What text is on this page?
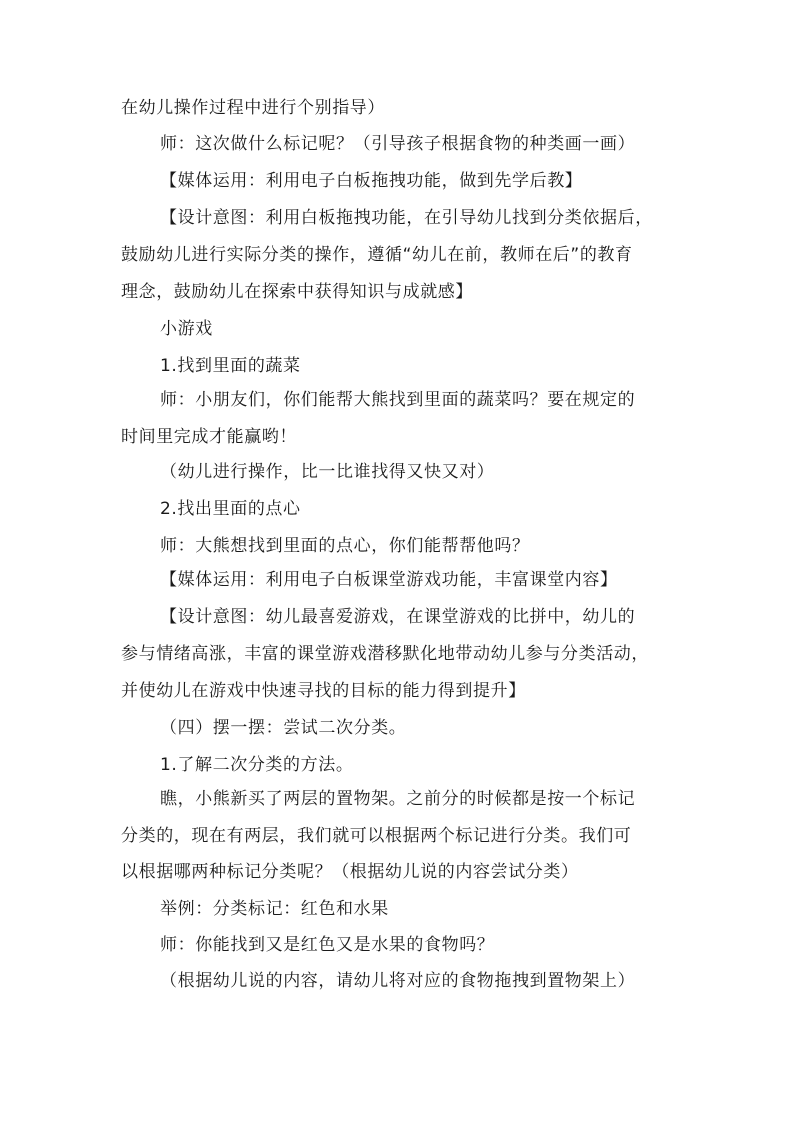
在幼儿操作过程中进行个别指导）
师：这次做什么标记呢？（引导孩子根据食物的种类画一画）
【媒体运用：利用电子白板拖拽功能，做到先学后教】
【设计意图：利用白板拖拽功能，在引导幼儿找到分类依据后，
鼓励幼儿进行实际分类的操作，遵循“幼儿在前，教师在后”的教育
理念，鼓励幼儿在探索中获得知识与成就感】
小游戏
1.找到里面的蔬菜
师：小朋友们，你们能帮大熊找到里面的蔬菜吗？要在规定的
时间里完成才能赢哟！
（幼儿进行操作，比一比谁找得又快又对）
2.找出里面的点心
师：大熊想找到里面的点心，你们能帮帮他吗？
【媒体运用：利用电子白板课堂游戏功能，丰富课堂内容】
【设计意图：幼儿最喜爱游戏，在课堂游戏的比拼中，幼儿的
参与情绪高涨，丰富的课堂游戏潜移默化地带动幼儿参与分类活动，
并使幼儿在游戏中快速寻找的目标的能力得到提升】
（四）摆一摆：尝试二次分类。
1.了解二次分类的方法。
瞧，小熊新买了两层的置物架。之前分的时候都是按一个标记
分类的，现在有两层，我们就可以根据两个标记进行分类。我们可
以根据哪两种标记分类呢？（根据幼儿说的内容尝试分类）
举例：分类标记：红色和水果
师：你能找到又是红色又是水果的食物吗？
（根据幼儿说的内容，请幼儿将对应的食物拖拽到置物架上）
